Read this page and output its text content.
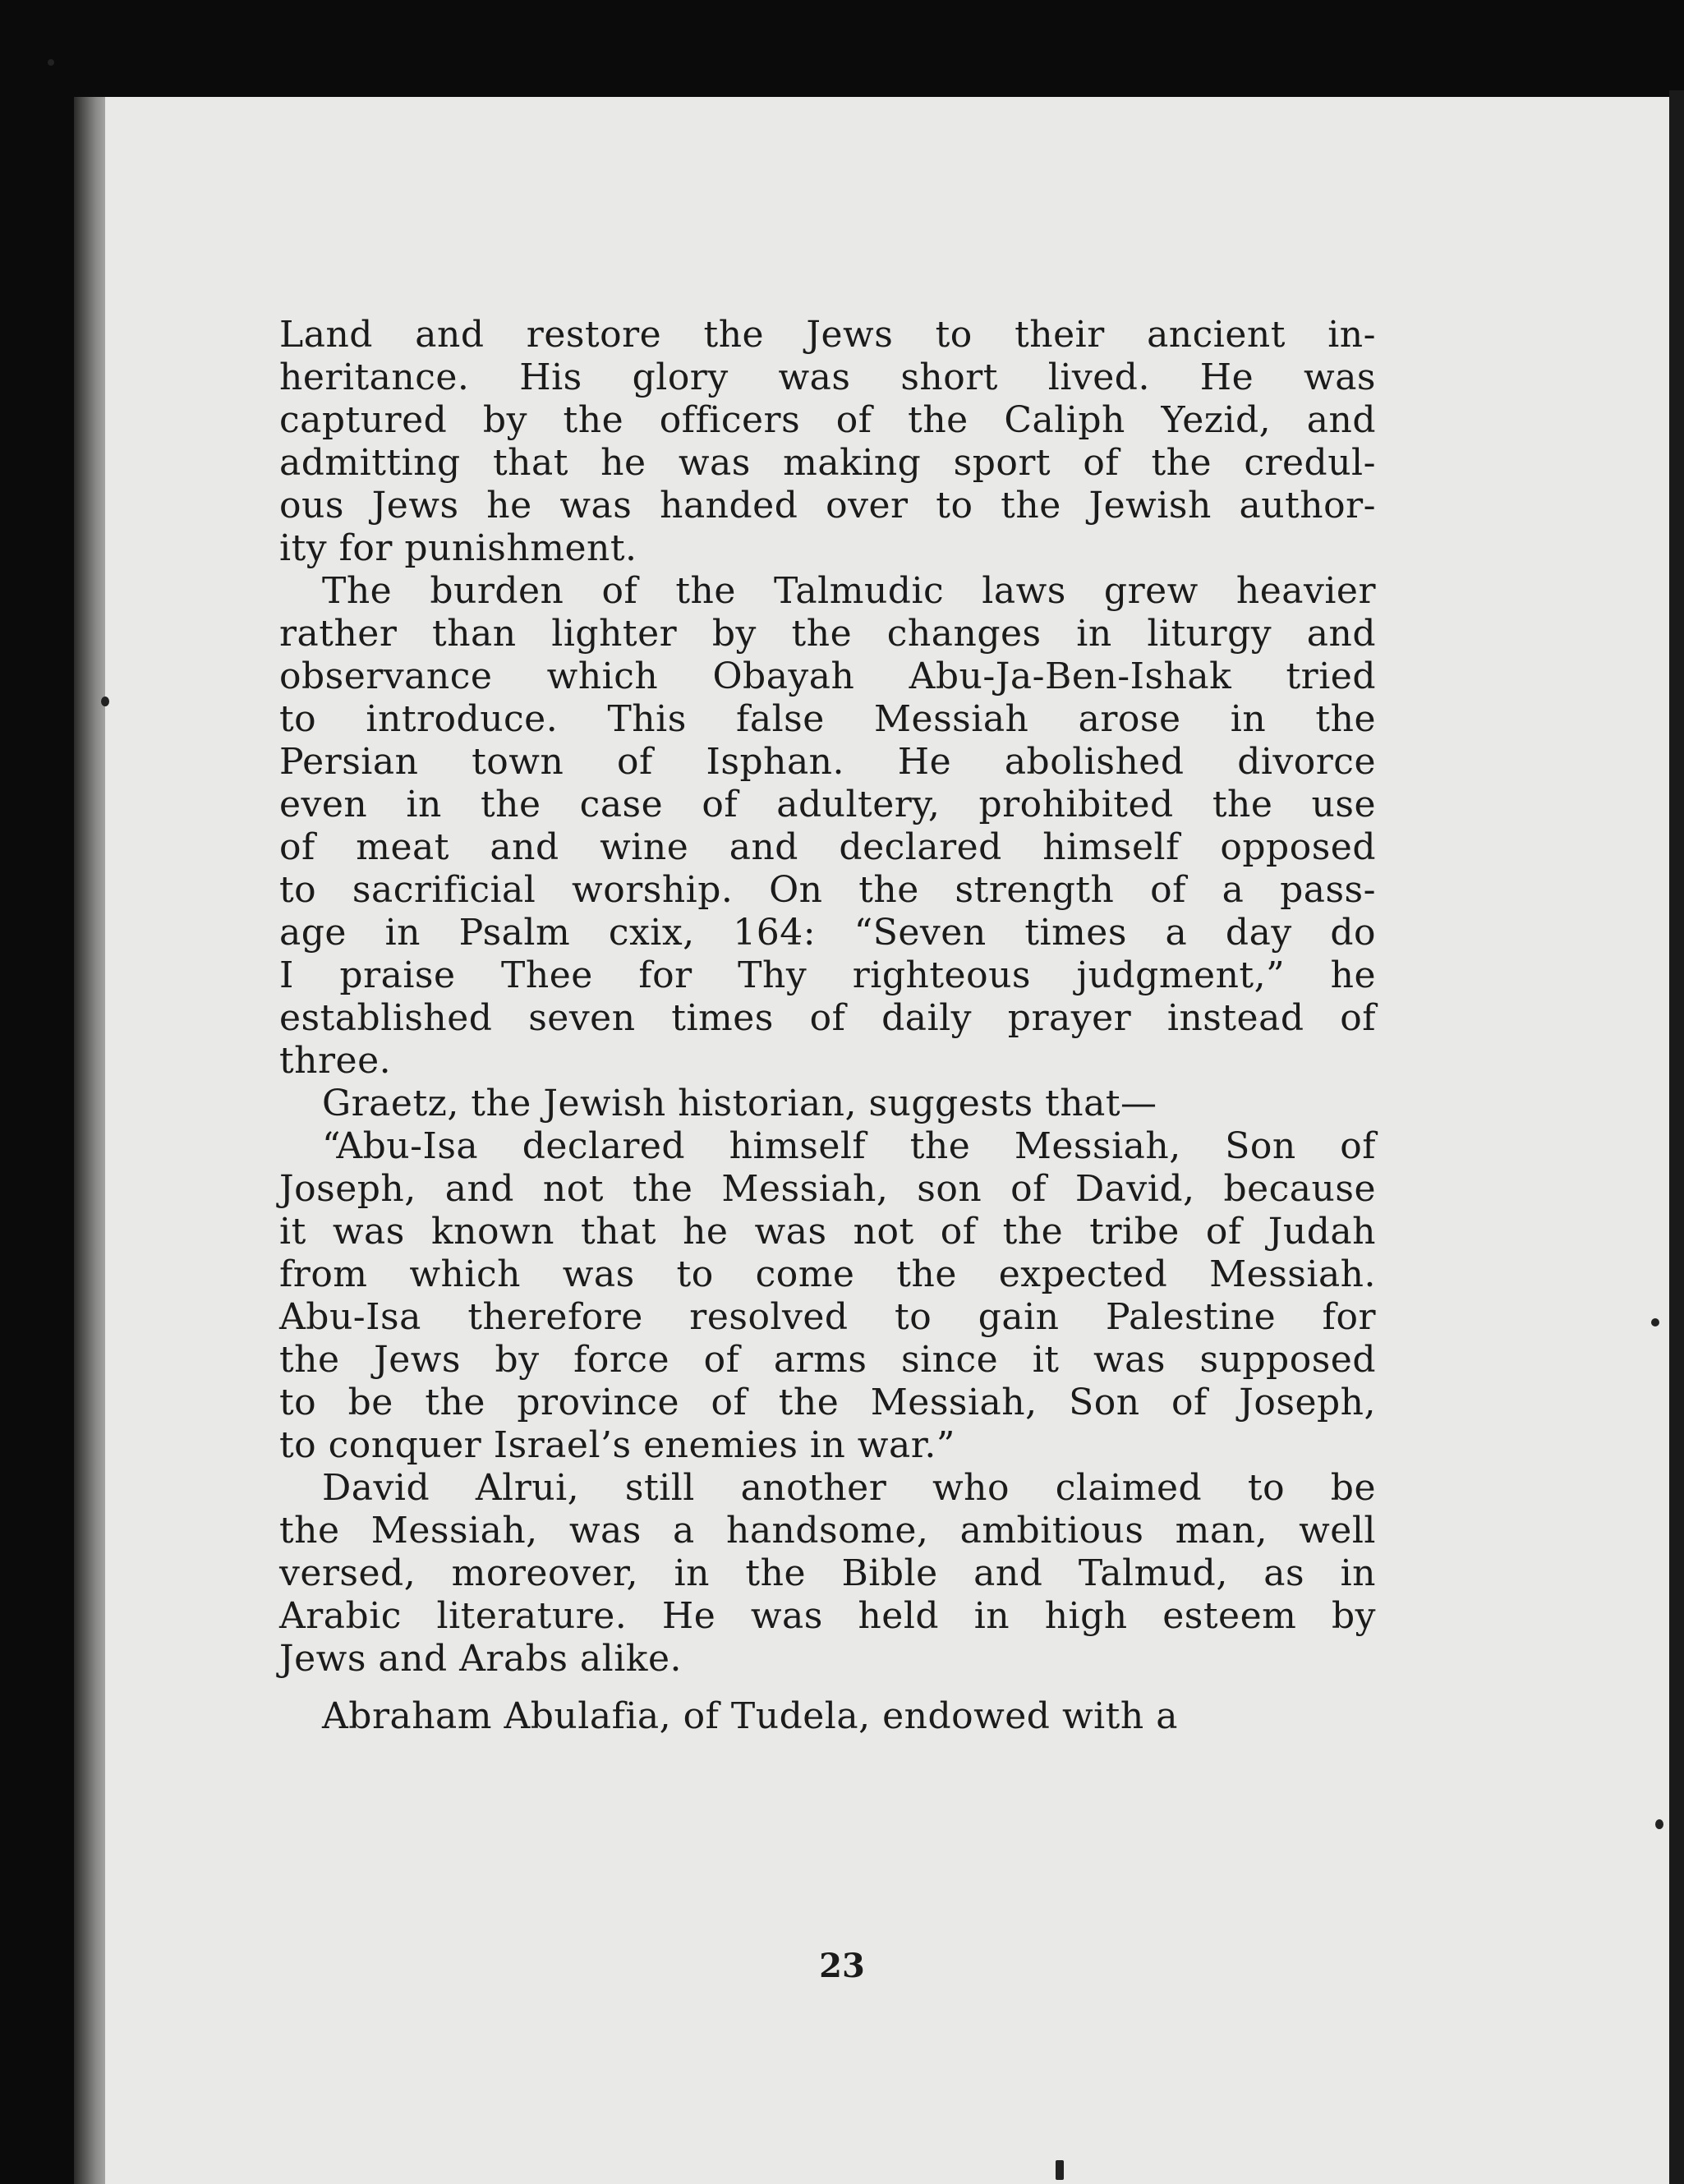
Land and restore the Jews to their ancient in-
heritance. His glory was short lived. He was
captured by the officers of the Caliph Yezid, and
admitting that he was making sport of the credul-
ous Jews he was handed over to the Jewish author-
ity for punishment.
The burden of the Talmudic laws grew heavier
rather than lighter by the changes in liturgy and
observance which Obayah Abu-Ja-Ben-Ishak tried
to introduce. This false Messiah arose in the
Persian town of Isphan. He abolished divorce
even in the case of adultery, prohibited the use
of meat and wine and declared himself opposed
to sacrificial worship. On the strength of a pass-
age in Psalm cxix, 164: “Seven times a day do
I praise Thee for Thy righteous judgment,” he
established seven times of daily prayer instead of
three.
Graetz, the Jewish historian, suggests that—
“Abu-Isa declared himself the Messiah, Son of
Joseph, and not the Messiah, son of David, because
it was known that he was not of the tribe of Judah
from which was to come the expected Messiah.
Abu-Isa therefore resolved to gain Palestine for
the Jews by force of arms since it was supposed
to be the province of the Messiah, Son of Joseph,
to conquer Israel’s enemies in war.”
David Alrui, still another who claimed to be
the Messiah, was a handsome, ambitious man, well
versed, moreover, in the Bible and Talmud, as in
Arabic literature. He was held in high esteem by
Jews and Arabs alike.
Abraham Abulafia, of Tudela, endowed with a
23
